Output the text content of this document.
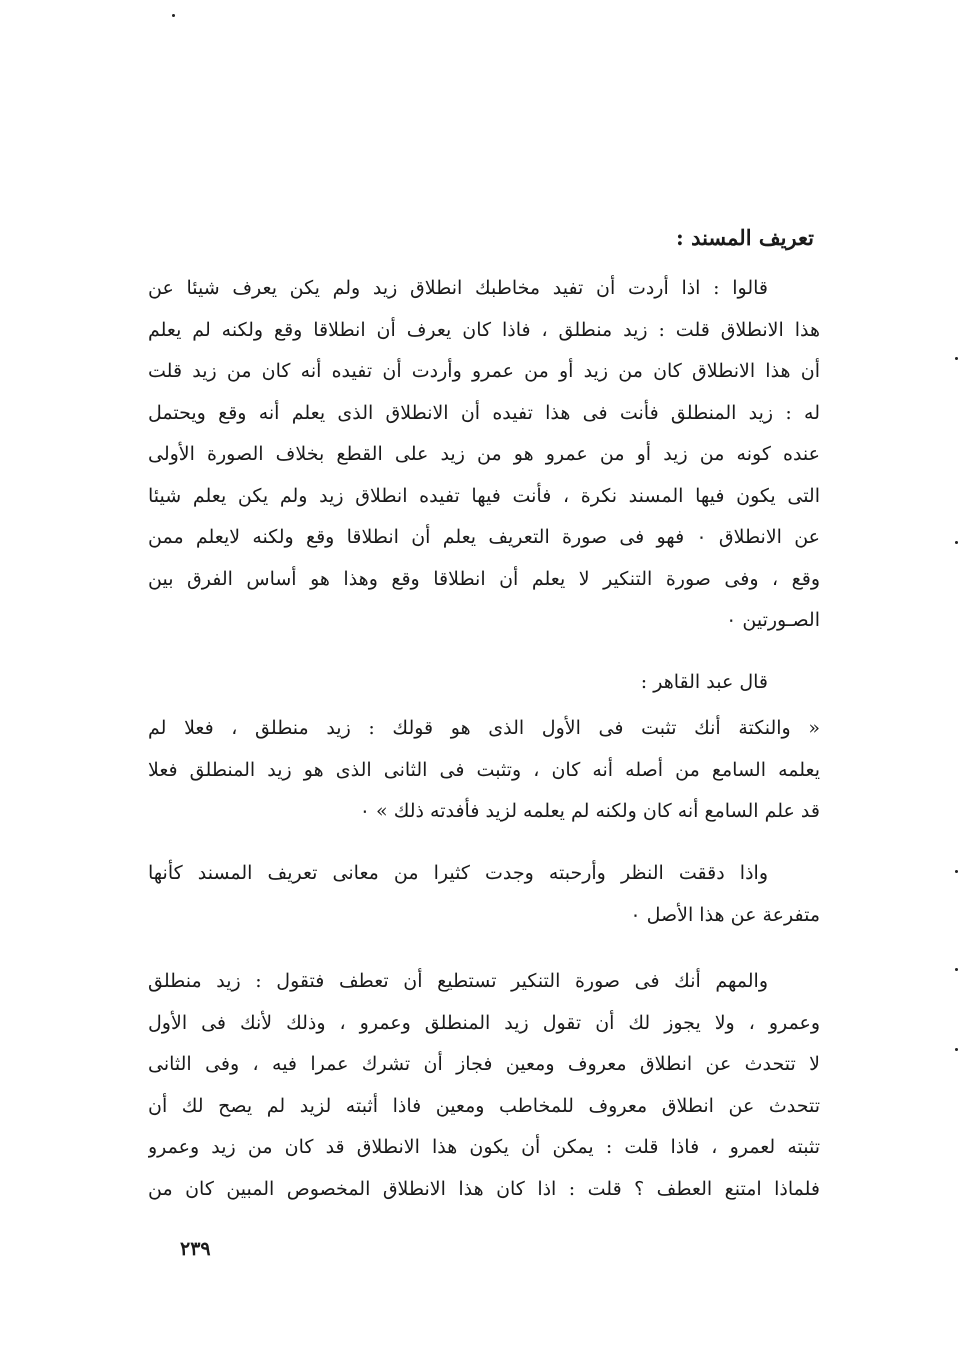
تعريف المسند :
قالوا : اذا أردت أن تفيد مخاطبك انطلاق زيد ولم يكن يعرف شيئا عن
هذا الانطلاق قلت : زيد منطلق ، فاذا كان يعرف أن انطلاقا وقع ولكنه لم يعلم
أن هذا الانطلاق كان من زيد أو من عمرو وأردت أن تفيده أنه كان من زيد قلت
له : زيد المنطلق فأنت فى هذا تفيده أن الانطلاق الذى يعلم أنه وقع ويحتمل
عنده كونه من زيد أو من عمرو هو من زيد على القطع بخلاف الصورة الأولى
التى يكون فيها المسند نكرة ، فأنت فيها تفيده انطلاق زيد ولم يكن يعلم شيئا
عن الانطلاق ٠ فهو فى صورة التعريف يعلم أن انطلاقا وقع ولكنه لايعلم ممن
وقع ، وفى صورة التنكير لا يعلم أن انطلاقا وقع وهذا هو أساس الفرق بين
الصـورتين ٠
قال عبد القاهر :
« والنكتة أنك تثبت فى الأول الذى هو قولك : زيد منطلق ، فعلا لم
يعلمه السامع من أصله أنه كان ، وتثبت فى الثانى الذى هو زيد المنطلق فعلا
قد علم السامع أنه كان ولكنه لم يعلمه لزيد فأفدته ذلك » ٠
واذا دققت النظر وأرحبته وجدت كثيرا من معانى تعريف المسند كأنها
متفرعة عن هذا الأصل ٠
والمهم أنك فى صورة التنكير تستطيع أن تعطف فتقول : زيد منطلق
وعمرو ، ولا يجوز لك أن تقول زيد المنطلق وعمرو ، وذلك لأنك فى الأول
لا تتحدث عن انطلاق معروف ومعين فجاز أن تشرك عمرا فيه ، وفى الثانى
تتحدث عن انطلاق معروف للمخاطب ومعين فاذا أثبته لزيد لم يصح لك أن
تثبته لعمرو ، فاذا قلت : يمكن أن يكون هذا الانطلاق قد كان من زيد وعمرو
فلماذا امتنع العطف ؟ قلت : اذا كان هذا الانطلاق المخصوص المبين كان من
٢٣٩
